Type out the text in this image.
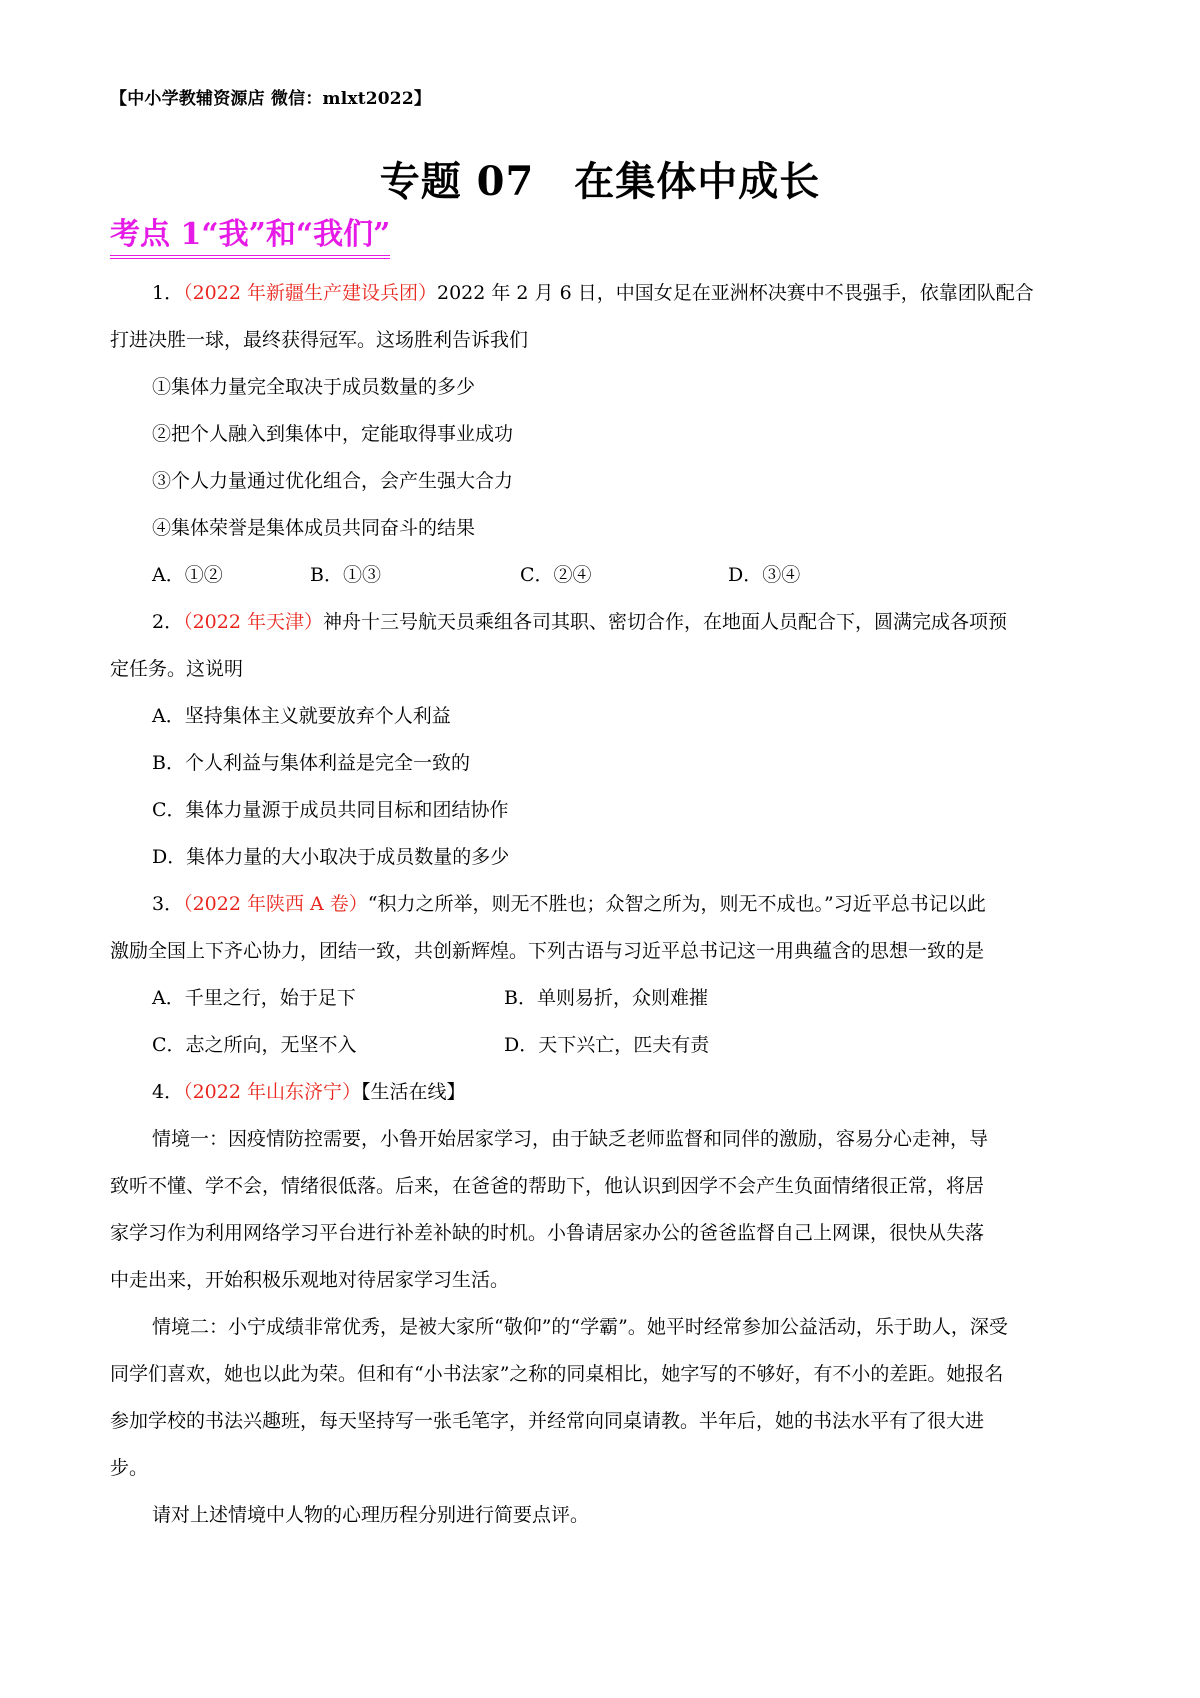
【中小学教辅资源店 微信：mlxt2022】
专题 07 在集体中成长
考点 1“我”和“我们”
1．（2022 年新疆生产建设兵团）2022 年 2 月 6 日，中国女足在亚洲杯决赛中不畏强手，依靠团队配合
打进决胜一球，最终获得冠军。这场胜利告诉我们
①集体力量完全取决于成员数量的多少
②把个人融入到集体中，定能取得事业成功
③个人力量通过优化组合，会产生强大合力
④集体荣誉是集体成员共同奋斗的结果
A．①②	B．①③	C．②④	D．③④
2．（2022 年天津）神舟十三号航天员乘组各司其职、密切合作，在地面人员配合下，圆满完成各项预
定任务。这说明
A．坚持集体主义就要放弃个人利益
B．个人利益与集体利益是完全一致的
C．集体力量源于成员共同目标和团结协作
D．集体力量的大小取决于成员数量的多少
3．（2022 年陕西 A 卷）“积力之所举，则无不胜也；众智之所为，则无不成也。”习近平总书记以此
激励全国上下齐心协力，团结一致，共创新辉煌。下列古语与习近平总书记这一用典蕴含的思想一致的是
A．千里之行，始于足下	B．单则易折，众则难摧
C．志之所向，无坚不入	D．天下兴亡，匹夫有责
4．（2022 年山东济宁）【生活在线】
情境一：因疫情防控需要，小鲁开始居家学习，由于缺乏老师监督和同伴的激励，容易分心走神，导
致听不懂、学不会，情绪很低落。后来，在爸爸的帮助下，他认识到因学不会产生负面情绪很正常，将居
家学习作为利用网络学习平台进行补差补缺的时机。小鲁请居家办公的爸爸监督自己上网课，很快从失落
中走出来，开始积极乐观地对待居家学习生活。
情境二：小宁成绩非常优秀，是被大家所“敬仰”的“学霸”。她平时经常参加公益活动，乐于助人，深受
同学们喜欢，她也以此为荣。但和有“小书法家”之称的同桌相比，她字写的不够好，有不小的差距。她报名
参加学校的书法兴趣班，每天坚持写一张毛笔字，并经常向同桌请教。半年后，她的书法水平有了很大进
步。
请对上述情境中人物的心理历程分别进行简要点评。
